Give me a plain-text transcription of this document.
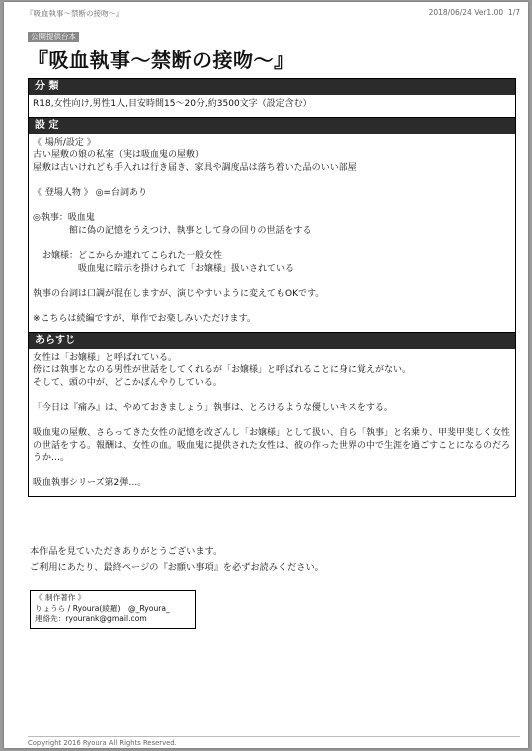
『吸血執事～禁断の接吻～』	2018/06/24 Ver1.00 1/7
公開提供台本
『吸血執事～禁断の接吻～』
分 類
R18,女性向け,男性1人,目安時間15～20分,約3500文字（設定含む）
設 定
《 場所/設定 》
古い屋敷の娘の私室（実は吸血鬼の屋敷）
屋敷は古いけれども手入れは行き届き、家具や調度品は落ち着いた品のいい部屋

《 登場人物 》 ◎=台詞あり

◎執事：吸血鬼
　　　　館に偽の記憶をうえつけ、執事として身の回りの世話をする

　お嬢様：どこからか連れてこられた一般女性
　　　　　吸血鬼に暗示を掛けられて「お嬢様」扱いされている

執事の台詞は口調が混在しますが、演じやすいように変えてもOKです。

※こちらは続編ですが、単作でお楽しみいただけます。
あらすじ
女性は「お嬢様」と呼ばれている。
傍には執事となのる男性が世話をしてくれるが「お嬢様」と呼ばれることに身に覚えがない。
そして、頭の中が、どこかぼんやりしている。

「今日は『痛み』は、やめておきましょう」執事は、とろけるような優しいキスをする。

吸血鬼の屋敷、さらってきた女性の記憶を改ざんし「お嬢様」として扱い、自ら「執事」と名乗り、甲斐甲斐しく女性の世話をする。報酬は、女性の血。吸血鬼に提供された女性は、彼の作った世界の中で生涯を過ごすことになるのだろうか…。

吸血執事シリーズ第2弾…。
本作品を見ていただきありがとうございます。
ご利用にあたり、最終ページの『お願い事項』を必ずお読みください。
《 制作著作 》
りょうら / Ryoura(綾羅)　@_Ryoura_
連絡先：ryourank@gmail.com
Copyright 2016 Ryoura All Rights Reserved.
